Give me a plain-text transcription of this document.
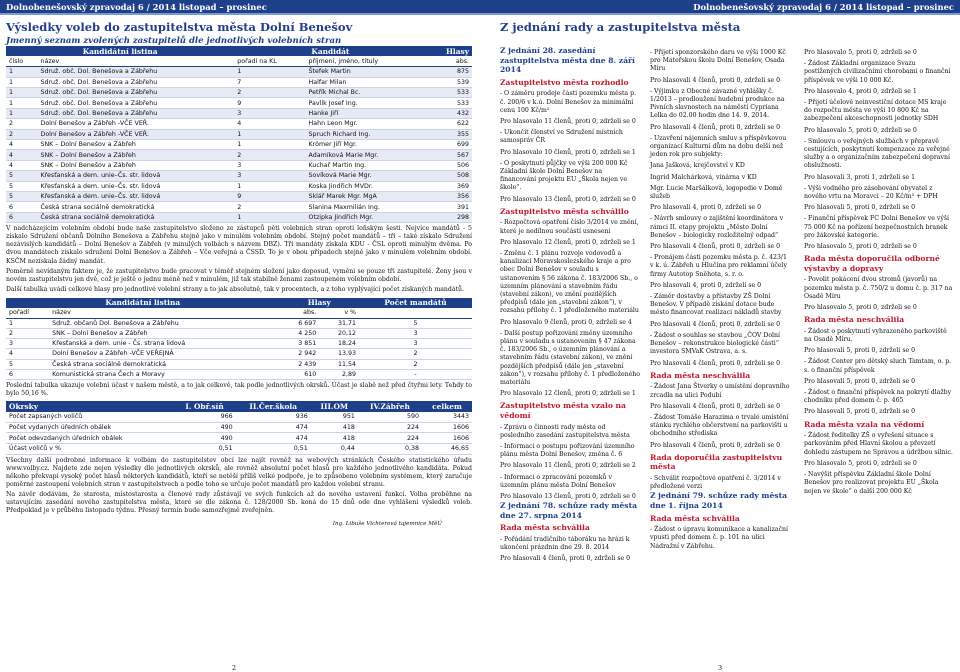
Dolnobenešovský zpravodaj 6 / 2014 listopad – prosinec	Dolnobenešovský zpravodaj 6 / 2014 listopad – prosinec
Výsledky voleb do zastupitelstva města Dolní Benešov
Jmenný seznam zvolených zastupitelů dle jednotlivých volebních stran
Kandidátní listina		Kandidát		Hlasy
číslo	název	pořadí na KL	příjmení, jméno, tituly	abs.
1	Sdruž. obč. Dol. Benešova a Zábřehu	1	Štefek Martin	875
1	Sdruž. obč. Dol. Benešova a Zábřehu	7	Halfar Milan	539
1	Sdruž. obč. Dol. Benešova a Zábřehu	2	Petřík Michal Bc.	533
1	Sdruž. obč. Dol. Benešova a Zábřehu	9	Pavlík Josef Ing.	533
1	Sdruž. obč. Dol. Benešova a Zábřehu	3	Hanke Jiří	432
2	Dolní Benešov a Zábřeh -VČE VEŘ.	4	Hahn Leon Mgr.	622
2	Dolní Benešov a Zábřeh -VČE VEŘ.	1	Spruch Richard Ing.	355
4	SNK – Dolní Benešov a Zábřeh	1	Krömer Jiří Mgr.	699
4	SNK – Dolní Benešov a Zábřeh	2	Adamíková Marie Mgr.	567
4	SNK – Dolní Benešov a Zábřeh	3	Kuchař Martin Ing.	506
5	Křesťanská a dem. unie–Čs. str. lidová	3	Sovíková Marie Mgr.	508
5	Křesťanská a dem. unie–Čs. str. lidová	1	Koska Jindřich MVDr.	369
5	Křesťanská a dem. unie–Čs. str. lidová	9	Sklář Marek Mgr. MgA	356
6	Česká strana sociálně demokratická	2	Slanina Maxmilián Ing.	391
6	Česká strana sociálně demokratická	1	Otzipka Jindřich Mgr.	298

V nadcházejícím volebním období bude naše zastupitelstvo složeno ze zástupců pěti volebních stran oproti loňským šesti. Nejvíce mandátů - 5 získalo Sdružení občanů Dolního Benešova a Zábřehu stejně jako v minulém volebním období. Stejný počet mandátů – tři – také získalo Sdružení nezávislých kandidátů – Dolní Benešov a Zábřeh (v minulých volbách s názvem DBZ). Tři mandáty získala KDU - ČSL oproti minulým dvěma. Po dvou mandátech získalo sdružení Dolní Benešov a Zábřeh – Vče veřejná a ČSSD. To je v obou případech stejně jako v minulém volebním období. KSČM nezískala žádný mandát.

Poměrně nevídaným faktem je, že zastupitelstvo bude pracovat v téměř stejném složení jako doposud, vyměni se pouze tři zastupitelé. Ženy jsou v novém zastupitelstvu jen dvě, což je ještě o jednu méně než v minulém, již tak stabilně ženami zastoupeném volebním období.

Další tabulka uvádí celkové hlasy pro jednotlivé volební strany a to jak absolutně, tak v procentech, a z toho vyplývající počet získaných mandátů.

Kandidátní listina		Hlasy		Počet mandátů
pořadí	název	abs.	v %	
1	Sdruž. občanů Dol. Benešova a Zábřehu	6 697	31,71	5
2	SNK – Dolní Benešov a Zábřeh	4 250	20,12	3
3	Křesťanská a dem. unie - Čs. strana lidová	3 851	18,24	3
4	Dolní Benešov a Zábřeh -VČE VEŘEJNÁ	2 942	13,93	2
5	Česká strana sociálně demokratická	2 439	11,54	2
6	Komunistická strana Čech a Moravy	610	2,89	-

Poslední tabulka ukazuje volební účast v našem městě, a to jak celkově, tak podle jednotlivých okrsků. Účast je slabě než před čtyřmi lety. Tehdy to bylo 50,16 %.

Okrsky	I. Obř.síň	II.Čer.škola	III.OM	IV.Zábřeh	celkem
Počet zapsaných voličů	966	936	951	590	3443
Počet vydaných úředních obálek	490	474	418	224	1606
Počet odevzdaných úředních obálek	490	474	418	224	1606
Účast voličů v %	0,51	0,51	0,44	0,38	46,65

Všechny další podrobné informace k volbám do zastupitelstev obcí lze najít rovněž na webových stránkách Českého statistického úřadu www.volby.cz. Najdete zde nejen výsledky dle jednotlivých okrsků, ale rovněž absolutní počet hlasů pro každého jednotlivého kandidáta. Pokud někoho překvapí vysoký počet hlasů některých kandidátů, kteří se netěší příliš velké podpoře, je to způsobeno volebním systémem, který zaručuje poměrné zastoupení volebních stran v zastupitelstvech a podle toho se určuje počet mandátů pro každou volební stranu.

Na závěr dodávám, že starosta, místostarosta a členové rady zůstávají ve svých funkcích až do nového ustavení funkcí. Volba proběhne na ustavujícím zasedání nového zastupitelstva města, které se dle zákona č. 128/2000 Sb. koná do 15 dnů ode dne vyhlášení výsledků voleb. Předpoklad je v průběhu listopadu týdnu. Přesný termín bude samozřejmě zveřejněn.

Ing. Libuše Vichterová tajemnice MěÚ

2
Z jednání rady a zastupitelstva města
Z jednání 28. zasedání zastupitelstva města dne 8. září 2014
Zastupitelstvo města rozhodlo
- O záměru prodeje části pozemku města p. č. 200/6 v k.ú. Dolní Benešov za minimální cenu 100 Kč/m²
Pro hlasovalo 11 členů, proti 0, zdrželi se 0
- Ukončit členství ve Sdružení místních samospráv ČR
Pro hlasovalo 10 členů, proti 0, zdrželi se 1
- O poskytnutí půjčky ve výši 200 000 Kč Základní škole Dolní Benešov na financování projektu EU „Škola nejen ve škole“.
Pro hlasovalo 13 členů, proti 0, zdrželi se 0
Zastupitelstvo města schválilo
- Rozpočtová opatření číslo 3/2014 ve znění, které je nedílnou součástí usnesení
Pro hlasovalo 12 členů, proti 0, zdrželi se 1
- Změnu č. 1 plánu rozvoje vodovodů a kanalizací Moravskoslezského kraje a pro obec Dolní Benešov v souladu s ustanovením § 56 zákona č. 183/2006 Sb., o územním plánování a stavebním řádu (stavební zákon), ve znění pozdějších předpisů (dále jen „stavební zákon“), v rozsahu přílohy č. 1 předloženého materiálu
Pro hlasovalo 9 členů, proti 0, zdrželi se 4
- Další postup pořizování změny územního plánu v souladu s ustanovením § 47 zákona č. 183/2006 Sb., o územním plánování a stavebním řádu (stavební zákon), ve znění pozdějších předpisů (dále jen „stavební zákon“), v rozsahu přílohy č. 1 předloženého materiálu
Pro hlasovalo 12 členů, proti 0, zdrželi se 1
Zastupitelstvo města vzalo na vědomí
- Zprávu o činnosti rady města od posledního zasedání zastupitelstva města
- Informaci o postupu pořizování územního plánu města Dolní Benešov, změna č. 6
Pro hlasovalo 11 členů, proti 0, zdrželi se 2
- Informaci o zpracování pozemků v územním plánu města Dolní Benešov
Pro hlasovalo 13 členů, proti 0, zdrželi se 0
Z jednání 78. schůze rady města dne 27. srpna 2014
Rada města schválila
- Pořádání tradičního táboráku na hrázi k ukončení prázdnin dne 29. 8. 2014
Pro hlasovali 4 členů, proti 0, zdrželi se 0
- Přijetí sponzorského daru ve výši 1000 Kč pro Mateřskou školu Dolní Benešov, Osada Míru
Pro hlasovali 4 členů, proti 0, zdrželi se 0
- Výjimku z Obecné závazné vyhlášky č. 1/2013 – prodloužení hudební produkce na Pivních slavnostech na náměstí Cypriana Lelka do 02.00 hodin dne 14. 9. 2014.
Pro hlasovali 4 členů, proti 0, zdrželi se 0
- Uzavření nájemních smluv s příspěvkovou organizací Kulturní dům na dobu delší než jeden rok pro subjekty:
Jana Jašková, krejčovství v KD
Ingrid Malchárková, vinárna v KD
Mgr. Lucie Maršálková, logopedie v Domě služeb
Pro hlasovali 4, proti 0, zdrželi se 0
- Návrh smlouvy o zajištění koordinátora v rámci II. etapy projektu „Město Dolní Benešov – biologicky rozložitelný odpad“
Pro hlasovali 4 členů, proti 0, zdrželi se 0
- Pronájem části pozemku města p. č. 423/1 v k. ú. Zábřeh u Hlučína pro reklamní účely firmy Autotop Sněhota, s. r. o.
Pro hlasovali 4, proti 0, zdrželi se 0
- Záměr dostavby a přístavby ZŠ Dolní Benešov. V případě získání dotace bude město financovat realizaci nákladů stavby
Pro hlasovali 4 členů, proti 0, zdrželi se 0
- Žádost o souhlas se stavbou „ČOV Dolní Benešov – rekonstrukce biologické části“ investora SMVaK Ostrava, a. s.
Pro hlasovali 4 členů, proti 0, zdrželi se 0
Rada města neschválila
- Žádost Jana Štverky o umístění dopravního zrcadla na ulici Podubí
Pro hlasovali 4 členů, proti 0, zdrželi se 0
- Žádost Tomáše Harazima o trvalé umístění stánku rychlého občerstvení na parkovišti u obchodního střediska
Pro hlasovali 4 členů, proti 0, zdrželi se 0
Rada doporučila zastupitelstvu města
- Schválit rozpočtové opatření č. 3/2014 v předložené verzi
Z jednání 79. schůze rady města dne 1. října 2014
Rada města schválila
- Žádost o úpravu komunikace a kanalizační vpusti před domem č. p. 101 na ulici Nádražní v Zábřehu.
Pro hlasovalo 5, proti 0, zdrželi se 0
- Žádost Základní organizace Svazu postižených civilizačními chorobami o finanční příspěvek ve výši 10 000 Kč.
Pro hlasovalo 4, proti 0, zdrželi se 1
- Přijetí účelově neinvestiční dotace MS kraje do rozpočtu města ve výši 10 800 Kč na zabezpečení akceschopnosti jednotky SDH
Pro hlasovalo 5, proti 0, zdrželi se 0
- Smlouvu o veřejných službách v přepravě cestujících, poskytnutí kompenzace za veřejné služby a o organizačním zabezpečení dopravní obslužnosti.
Pro hlasovali 3, proti 1, zdrželi se 1
- Výši vodného pro zásobování obyvatel z nového vrtu na Moravci – 20 Kč/m³ + DPH
Pro hlasovali 5, proti 0, zdrželi se 0
- Finanční příspěvek FC Dolní Benešov ve výši 75 000 Kč na pořízení bezpečnostních branek pro žákovské kategorie.
Pro hlasovalo 5, proti 0, zdrželi se 0
Rada města doporučila odborné výstavby a dopravy
- Povolit pokácení dvou stromů (javorů) na pozemku města p. č. 750/2 u domu č. p. 317 na Osadě Míru
Pro hlasovalo 5, proti 0, zdrželi se 0
Rada města neschválila
- Žádost o poskytnutí vyhrazeného parkoviště na Osadě Míru.
Pro hlasovali 5, proti 0, zdrželi se 0
- Žádost Center pro dětský sluch Tamtam, o. p. s. o finanční příspěvek
Pro hlasovali 5, proti 0, zdrželi se 0
- Žádost o finanční příspěvek na pokrytí dlažby chodníku před domem č. p. 465
Pro hlasovali 5, proti 0, zdrželi se 0
Rada města vzala na vědomí
- Žádost ředitelky ZŠ o vyřešení situace s parkováním před Hlavní školou a převzetí dohledu zástupem ne Správou a údržbou silnic.
Pro hlasovalo 5, proti 0, zdrželi se 0
- Navýšit příspěvku Základní škole Dolní Benešov pro realizovat projektu EU „Škola nejen ve škole“ o další 200 000 Kč
3
